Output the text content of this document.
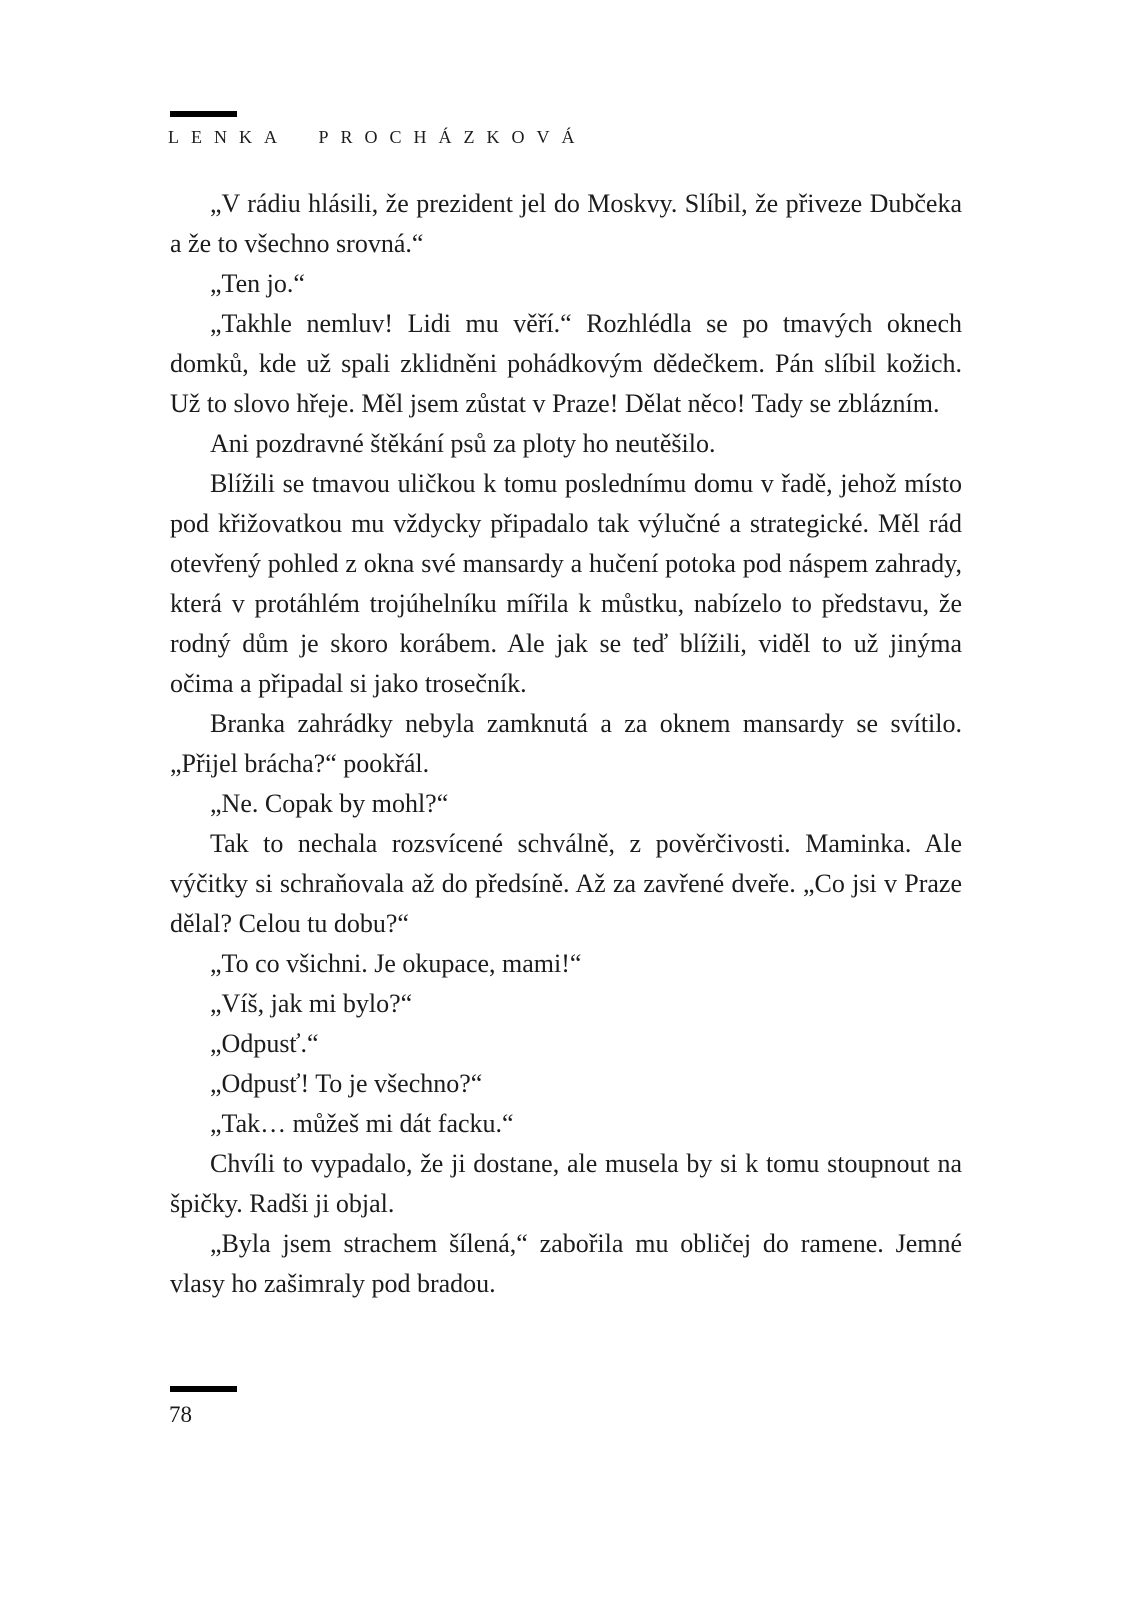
LENKA PROCHÁZKOVÁ

„V rádiu hlásili, že prezident jel do Moskvy. Slíbil, že přiveze Dubčeka a že to všechno srovná.“

„Ten jo.“

„Takhle nemluv! Lidi mu věří.“ Rozhlédla se po tmavých oknech domků, kde už spali zklidněni pohádkovým dědečkem. Pán slíbil kožich. Už to slovo hřeje. Měl jsem zůstat v Praze! Dělat něco! Tady se zblázním.

Ani pozdravné štěkání psů za ploty ho neutěšilo.

Blížili se tmavou uličkou k tomu poslednímu domu v řadě, jehož místo pod křižovatkou mu vždycky připadalo tak výlučné a strategické. Měl rád otevřený pohled z okna své mansardy a hučení potoka pod náspem zahrady, která v protáhlém trojúhelníku mířila k můstku, nabízelo to představu, že rodný dům je skoro korábem. Ale jak se teď blížili, viděl to už jinýma očima a připadal si jako trosečník.

Branka zahrádky nebyla zamknutá a za oknem mansardy se svítilo. „Přijel brácha?“ pookřál.

„Ne. Copak by mohl?“

Tak to nechala rozsvícené schválně, z pověrčivosti. Maminka. Ale výčitky si schraňovala až do předsíně. Až za zavřené dveře. „Co jsi v Praze dělal? Celou tu dobu?“

„To co všichni. Je okupace, mami!“

„Víš, jak mi bylo?“

„Odpusť.“

„Odpusť! To je všechno?“

„Tak… můžeš mi dát facku.“

Chvíli to vypadalo, že ji dostane, ale musela by si k tomu stoupnout na špičky. Radši ji objal.

„Byla jsem strachem šílená,“ zabořila mu obličej do ramene. Jemné vlasy ho zašimraly pod bradou.

78
